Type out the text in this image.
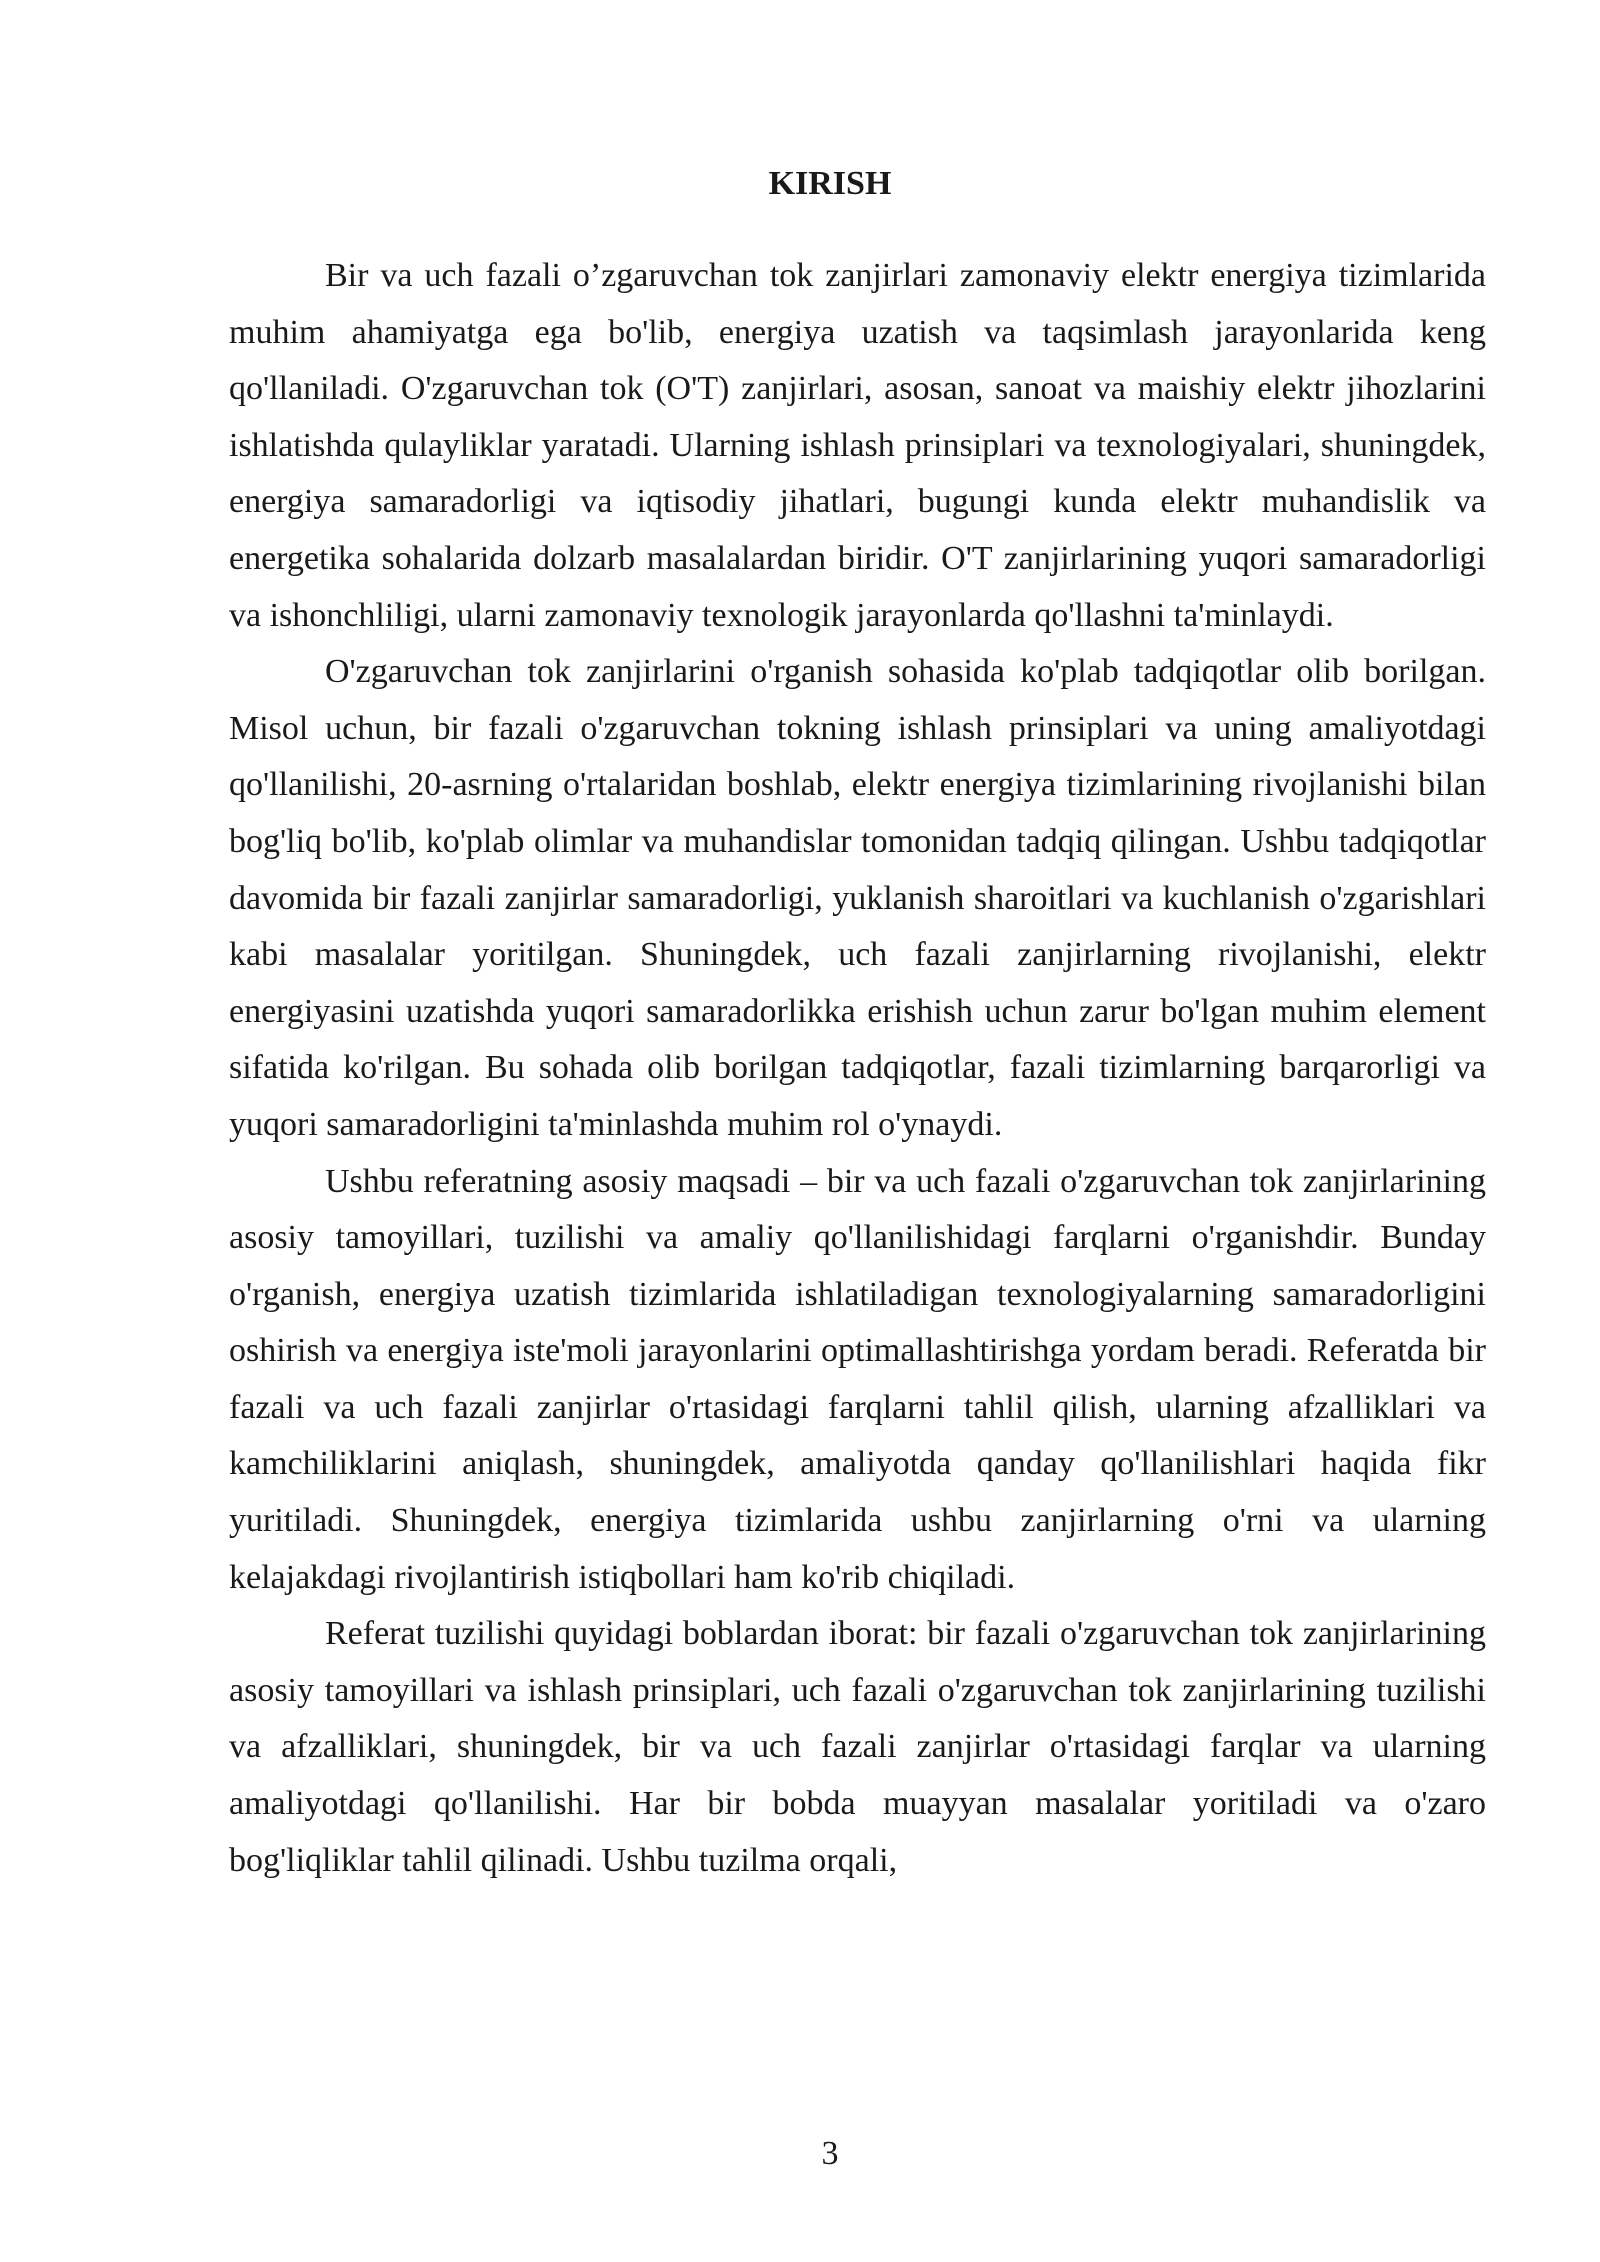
KIRISH

Bir va uch fazali o’zgaruvchan tok zanjirlari zamonaviy elektr energiya tizimlarida muhim ahamiyatga ega bo'lib, energiya uzatish va taqsimlash jarayonlarida keng qo'llaniladi. O'zgaruvchan tok (O'T) zanjirlari, asosan, sanoat va maishiy elektr jihozlarini ishlatishda qulayliklar yaratadi. Ularning ishlash prinsiplari va texnologiyalari, shuningdek, energiya samaradorligi va iqtisodiy jihatlari, bugungi kunda elektr muhandislik va energetika sohalarida dolzarb masalalardan biridir. O'T zanjirlarining yuqori samaradorligi va ishonchliligi, ularni zamonaviy texnologik jarayonlarda qo'llashni ta'minlaydi.

O'zgaruvchan tok zanjirlarini o'rganish sohasida ko'plab tadqiqotlar olib borilgan. Misol uchun, bir fazali o'zgaruvchan tokning ishlash prinsiplari va uning amaliyotdagi qo'llanilishi, 20-asrning o'rtalaridan boshlab, elektr energiya tizimlarining rivojlanishi bilan bog'liq bo'lib, ko'plab olimlar va muhandislar tomonidan tadqiq qilingan. Ushbu tadqiqotlar davomida bir fazali zanjirlar samaradorligi, yuklanish sharoitlari va kuchlanish o'zgarishlari kabi masalalar yoritilgan. Shuningdek, uch fazali zanjirlarning rivojlanishi, elektr energiyasini uzatishda yuqori samaradorlikka erishish uchun zarur bo'lgan muhim element sifatida ko'rilgan. Bu sohada olib borilgan tadqiqotlar, fazali tizimlarning barqarorligi va yuqori samaradorligini ta'minlashda muhim rol o'ynaydi.

Ushbu referatning asosiy maqsadi – bir va uch fazali o'zgaruvchan tok zanjirlarining asosiy tamoyillari, tuzilishi va amaliy qo'llanilishidagi farqlarni o'rganishdir. Bunday o'rganish, energiya uzatish tizimlarida ishlatiladigan texnologiyalarning samaradorligini oshirish va energiya iste'moli jarayonlarini optimallashtirishga yordam beradi. Referatda bir fazali va uch fazali zanjirlar o'rtasidagi farqlarni tahlil qilish, ularning afzalliklari va kamchiliklarini aniqlash, shuningdek, amaliyotda qanday qo'llanilishlari haqida fikr yuritiladi. Shuningdek, energiya tizimlarida ushbu zanjirlarning o'rni va ularning kelajakdagi rivojlantirish istiqbollari ham ko'rib chiqiladi.

Referat tuzilishi quyidagi boblardan iborat: bir fazali o'zgaruvchan tok zanjirlarining asosiy tamoyillari va ishlash prinsiplari, uch fazali o'zgaruvchan tok zanjirlarining tuzilishi va afzalliklari, shuningdek, bir va uch fazali zanjirlar o'rtasidagi farqlar va ularning amaliyotdagi qo'llanilishi. Har bir bobda muayyan masalalar yoritiladi va o'zaro bog'liqliklar tahlil qilinadi. Ushbu tuzilma orqali,

3
